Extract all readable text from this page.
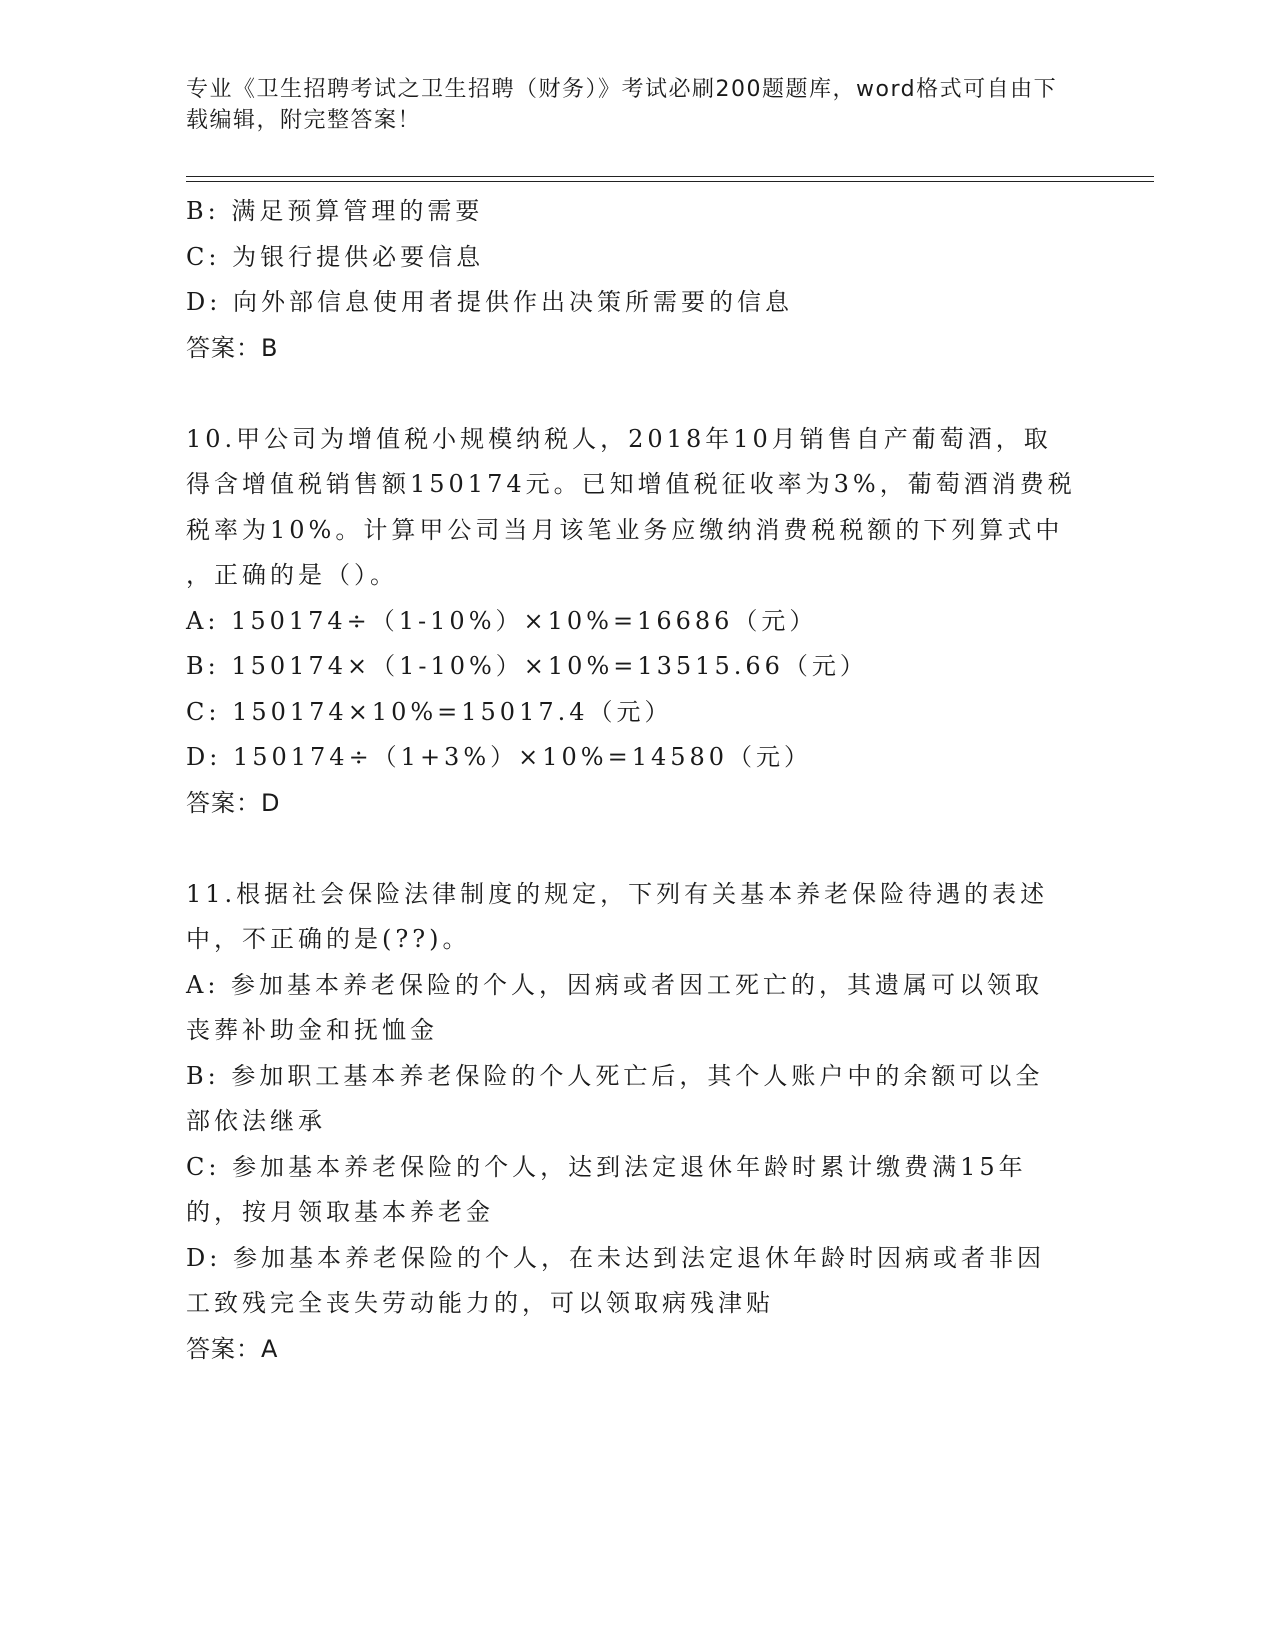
专业《卫生招聘考试之卫生招聘（财务）》考试必刷200题题库，word格式可自由下载编辑，附完整答案！
B: 满足预算管理的需要
C: 为银行提供必要信息
D: 向外部信息使用者提供作出决策所需要的信息
答案：B
10.甲公司为增值税小规模纳税人，2018年10月销售自产葡萄酒，取
得含增值税销售额150174元。已知增值税征收率为3%，葡萄酒消费税
税率为10%。计算甲公司当月该笔业务应缴纳消费税税额的下列算式中
，正确的是（）。
A: 150174÷（1-10%）×10%=16686（元）
B: 150174×（1-10%）×10%=13515.66（元）
C: 150174×10%=15017.4（元）
D: 150174÷（1+3%）×10%=14580（元）
答案：D
11.根据社会保险法律制度的规定，下列有关基本养老保险待遇的表述
中，不正确的是(??)。
A: 参加基本养老保险的个人，因病或者因工死亡的，其遗属可以领取
丧葬补助金和抚恤金
B: 参加职工基本养老保险的个人死亡后，其个人账户中的余额可以全
部依法继承
C: 参加基本养老保险的个人，达到法定退休年龄时累计缴费满15年
的，按月领取基本养老金
D: 参加基本养老保险的个人，在未达到法定退休年龄时因病或者非因
工致残完全丧失劳动能力的，可以领取病残津贴
答案：A
